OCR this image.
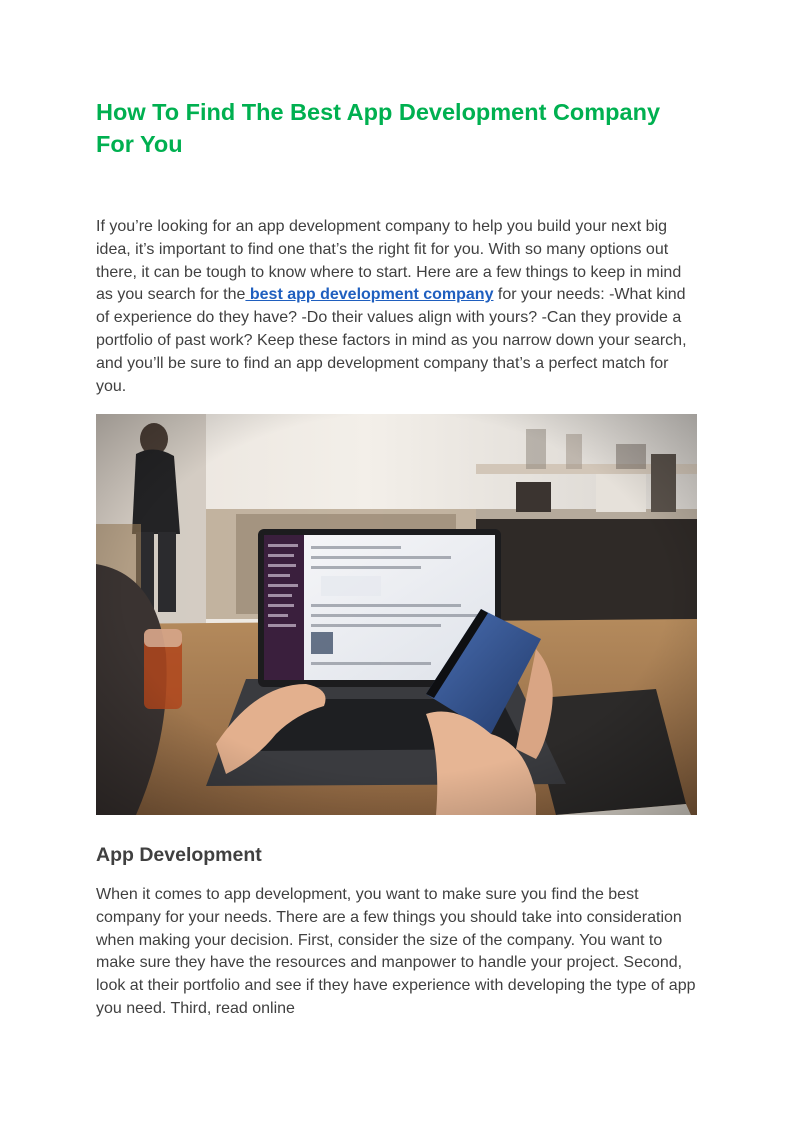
How To Find The Best App Development Company For You

If you’re looking for an app development company to help you build your next big idea, it’s important to find one that’s the right fit for you. With so many options out there, it can be tough to know where to start. Here are a few things to keep in mind as you search for the best app development company for your needs: -What kind of experience do they have? -Do their values align with yours? -Can they provide a portfolio of past work? Keep these factors in mind as you narrow down your search, and you’ll be sure to find an app development company that’s a perfect match for you.

App Development

When it comes to app development, you want to make sure you find the best company for your needs. There are a few things you should take into consideration when making your decision. First, consider the size of the company. You want to make sure they have the resources and manpower to handle your project. Second, look at their portfolio and see if they have experience with developing the type of app you need. Third, read online
